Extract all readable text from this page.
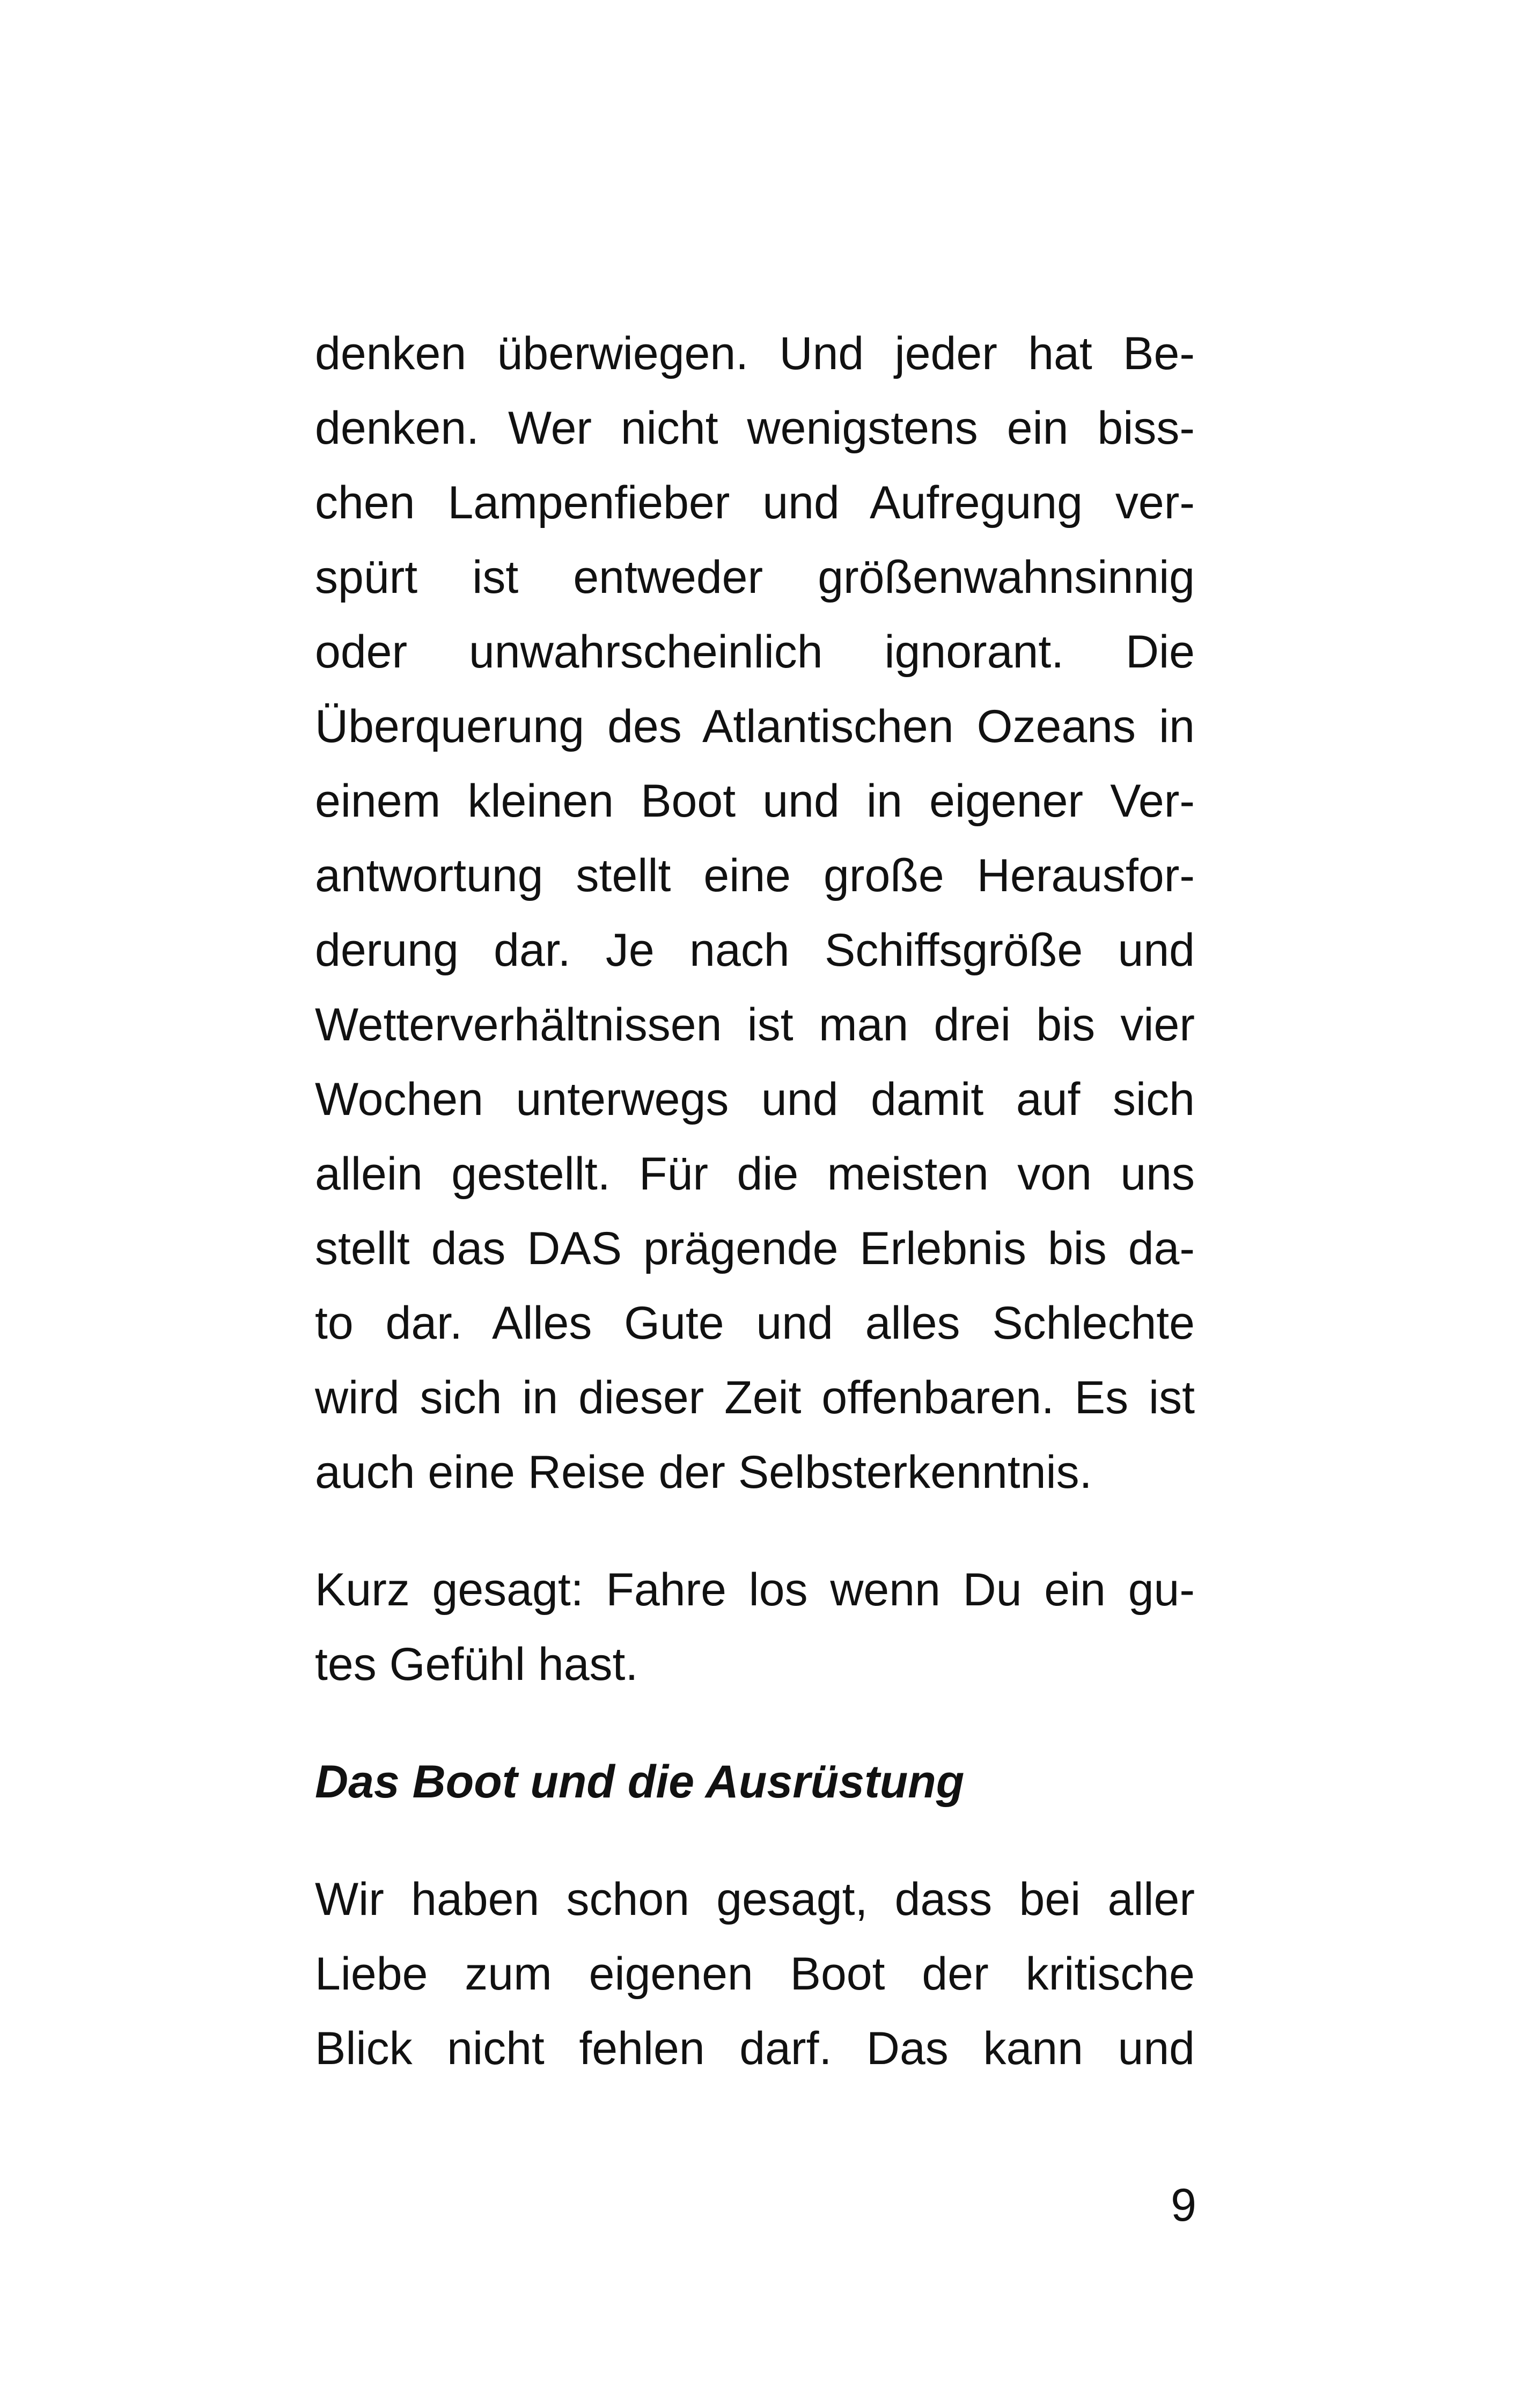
denken überwiegen. Und jeder hat Be-
denken. Wer nicht wenigstens ein biss-
chen Lampenfieber und Aufregung ver-
spürt ist entweder größenwahnsinnig
oder unwahrscheinlich ignorant. Die
Überquerung des Atlantischen Ozeans in
einem kleinen Boot und in eigener Ver-
antwortung stellt eine große Herausfor-
derung dar. Je nach Schiffsgröße und
Wetterverhältnissen ist man drei bis vier
Wochen unterwegs und damit auf sich
allein gestellt. Für die meisten von uns
stellt das DAS prägende Erlebnis bis da-
to dar. Alles Gute und alles Schlechte
wird sich in dieser Zeit offenbaren. Es ist
auch eine Reise der Selbsterkenntnis.
Kurz gesagt: Fahre los wenn Du ein gu-
tes Gefühl hast.
Das Boot und die Ausrüstung
Wir haben schon gesagt, dass bei aller
Liebe zum eigenen Boot der kritische
Blick nicht fehlen darf. Das kann und
9
